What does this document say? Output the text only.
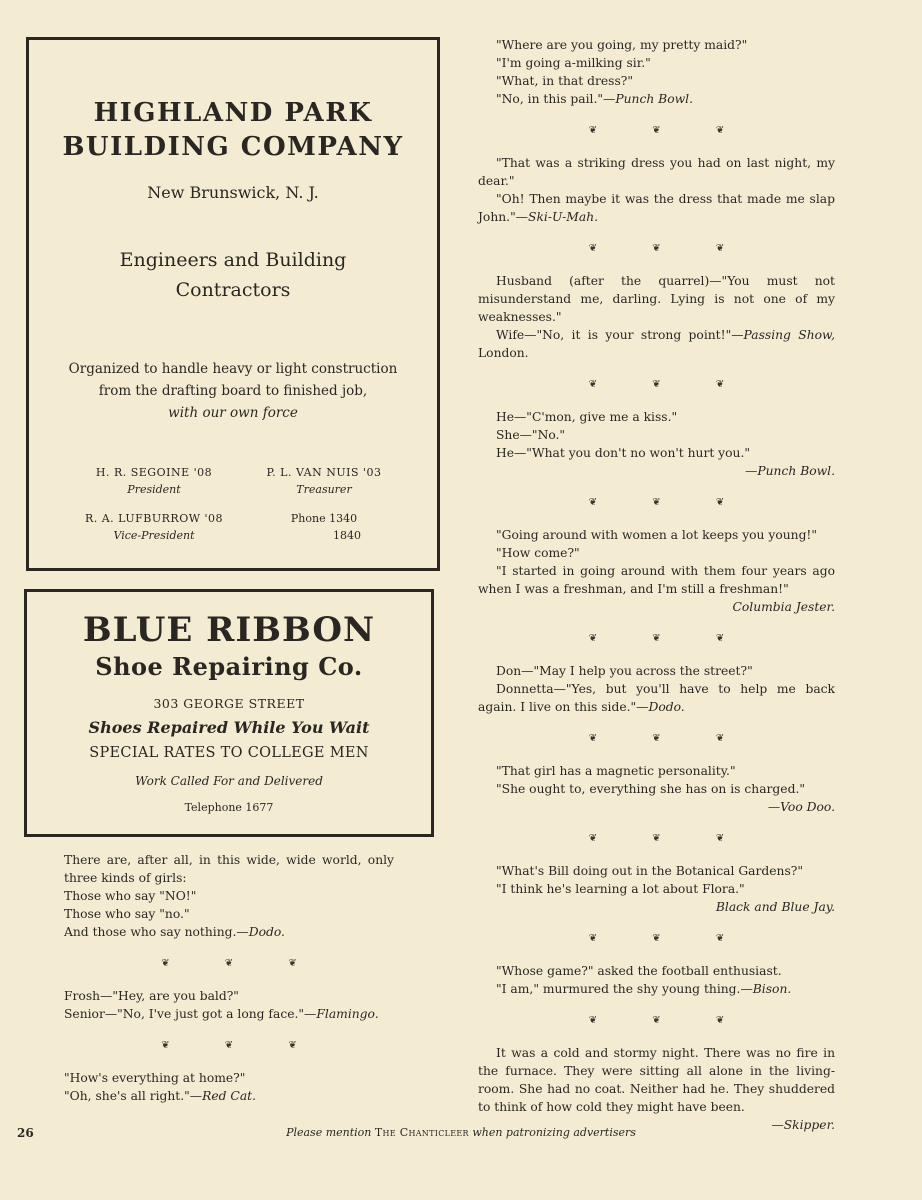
HIGHLAND PARK
BUILDING COMPANY
New Brunswick, N. J.
Engineers and Building
Contractors
Organized to handle heavy or light construction
from the drafting board to finished job,
with our own force
H. R. SEGOINE '08
President
P. L. VAN NUIS '03
Treasurer
R. A. LUFBURROW '08
Vice-President
Phone 1340
1840
BLUE RIBBON
Shoe Repairing Co.
303 GEORGE STREET
Shoes Repaired While You Wait
SPECIAL RATES TO COLLEGE MEN
Work Called For and Delivered
Telephone 1677

There are, after all, in this wide, wide world, only three kinds of girls:

Those who say "NO!"

Those who say "no."

And those who say nothing.—Dodo.

❦ ❦ ❦

Frosh—"Hey, are you bald?"

Senior—"No, I've just got a long face."—Flamingo.

❦ ❦ ❦

"How's everything at home?"

"Oh, she's all right."—Red Cat.

"Where are you going, my pretty maid?"

"I'm going a-milking sir."

"What, in that dress?"

"No, in this pail."—Punch Bowl.

❦ ❦ ❦

"That was a striking dress you had on last night, my dear."

"Oh! Then maybe it was the dress that made me slap John."—Ski-U-Mah.

❦ ❦ ❦

Husband (after the quarrel)—"You must not misunderstand me, darling. Lying is not one of my weaknesses."

Wife—"No, it is your strong point!"—Passing Show, London.

❦ ❦ ❦

He—"C'mon, give me a kiss."

She—"No."

He—"What you don't no won't hurt you."

—Punch Bowl.

❦ ❦ ❦

"Going around with women a lot keeps you young!"

"How come?"

"I started in going around with them four years ago when I was a freshman, and I'm still a freshman!"

Columbia Jester.

❦ ❦ ❦

Don—"May I help you across the street?"

Donnetta—"Yes, but you'll have to help me back again. I live on this side."—Dodo.

❦ ❦ ❦

"That girl has a magnetic personality."

"She ought to, everything she has on is charged."

—Voo Doo.

❦ ❦ ❦

"What's Bill doing out in the Botanical Gardens?"

"I think he's learning a lot about Flora."

Black and Blue Jay.

❦ ❦ ❦

"Whose game?" asked the football enthusiast.

"I am," murmured the shy young thing.—Bison.

❦ ❦ ❦

It was a cold and stormy night. There was no fire in the furnace. They were sitting all alone in the living-room. She had no coat. Neither had he. They shuddered to think of how cold they might have been.

—Skipper.

26	Please mention The Chanticleer when patronizing advertisers
